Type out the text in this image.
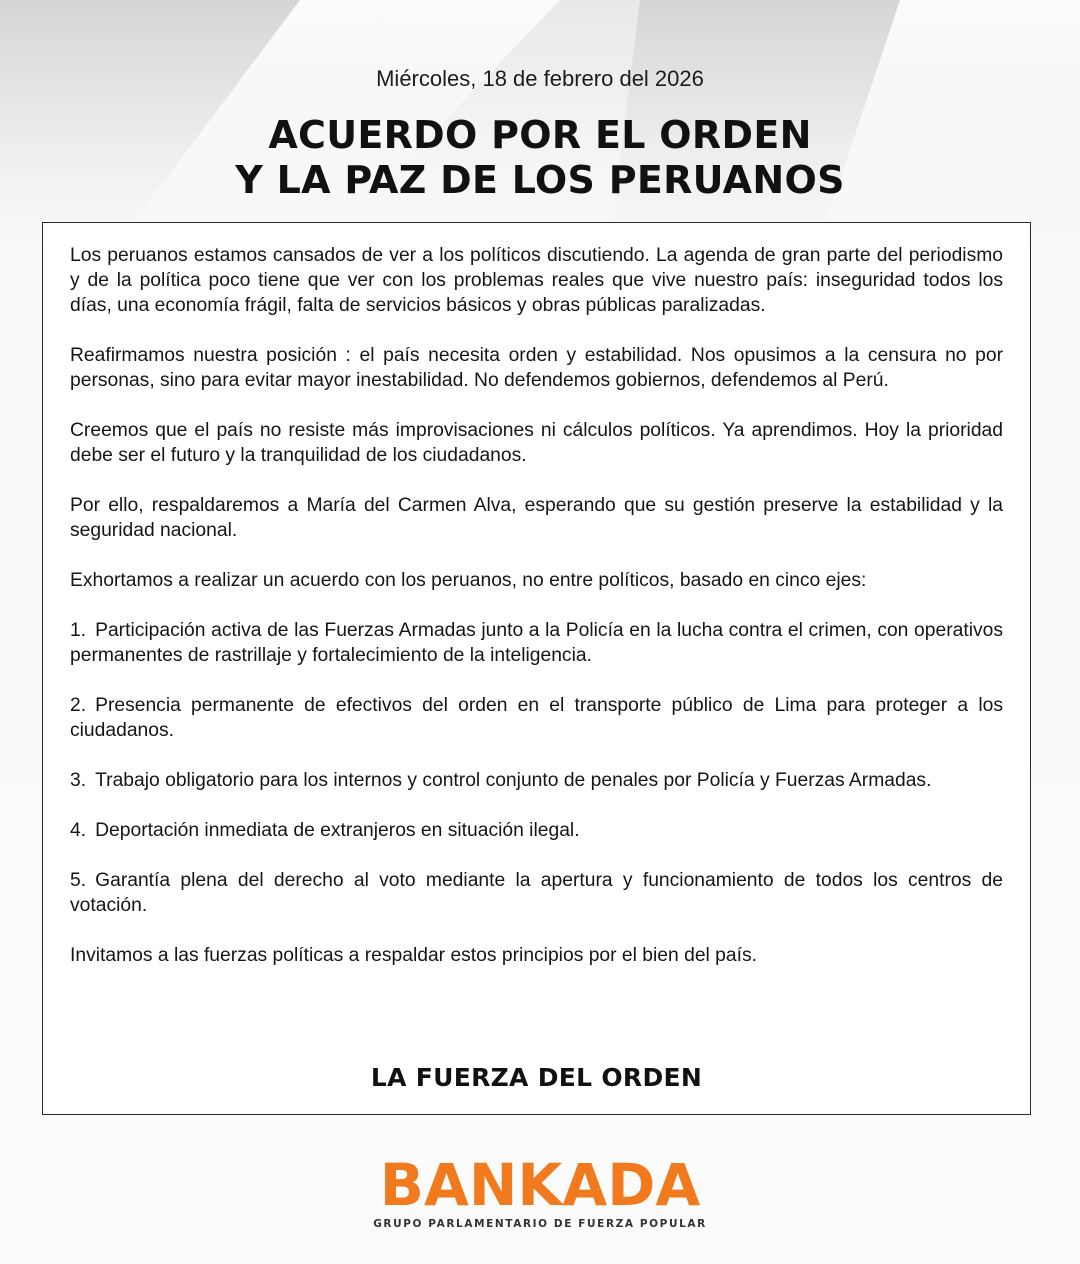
Miércoles, 18 de febrero del 2026
ACUERDO POR EL ORDEN
Y LA PAZ DE LOS PERUANOS

Los peruanos estamos cansados de ver a los políticos discutiendo. La agenda de gran parte del periodismo y de la política poco tiene que ver con los problemas reales que vive nuestro país: inseguridad todos los días, una economía frágil, falta de servicios básicos y obras públicas paralizadas.

Reafirmamos nuestra posición : el país necesita orden y estabilidad. Nos opusimos a la censura no por personas, sino para evitar mayor inestabilidad. No defendemos gobiernos, defendemos al Perú.

Creemos que el país no resiste más improvisaciones ni cálculos políticos. Ya aprendimos. Hoy la prioridad debe ser el futuro y la tranquilidad de los ciudadanos.

Por ello, respaldaremos a María del Carmen Alva, esperando que su gestión preserve la estabilidad y la seguridad nacional.

Exhortamos a realizar un acuerdo con los peruanos, no entre políticos, basado en cinco ejes:

1. Participación activa de las Fuerzas Armadas junto a la Policía en la lucha contra el crimen, con operativos permanentes de rastrillaje y fortalecimiento de la inteligencia.

2. Presencia permanente de efectivos del orden en el transporte público de Lima para proteger a los ciudadanos.

3. Trabajo obligatorio para los internos y control conjunto de penales por Policía y Fuerzas Armadas.

4. Deportación inmediata de extranjeros en situación ilegal.

5. Garantía plena del derecho al voto mediante la apertura y funcionamiento de todos los centros de votación.

Invitamos a las fuerzas políticas a respaldar estos principios por el bien del país.

LA FUERZA DEL ORDEN
BANKADA
GRUPO PARLAMENTARIO DE FUERZA POPULAR
